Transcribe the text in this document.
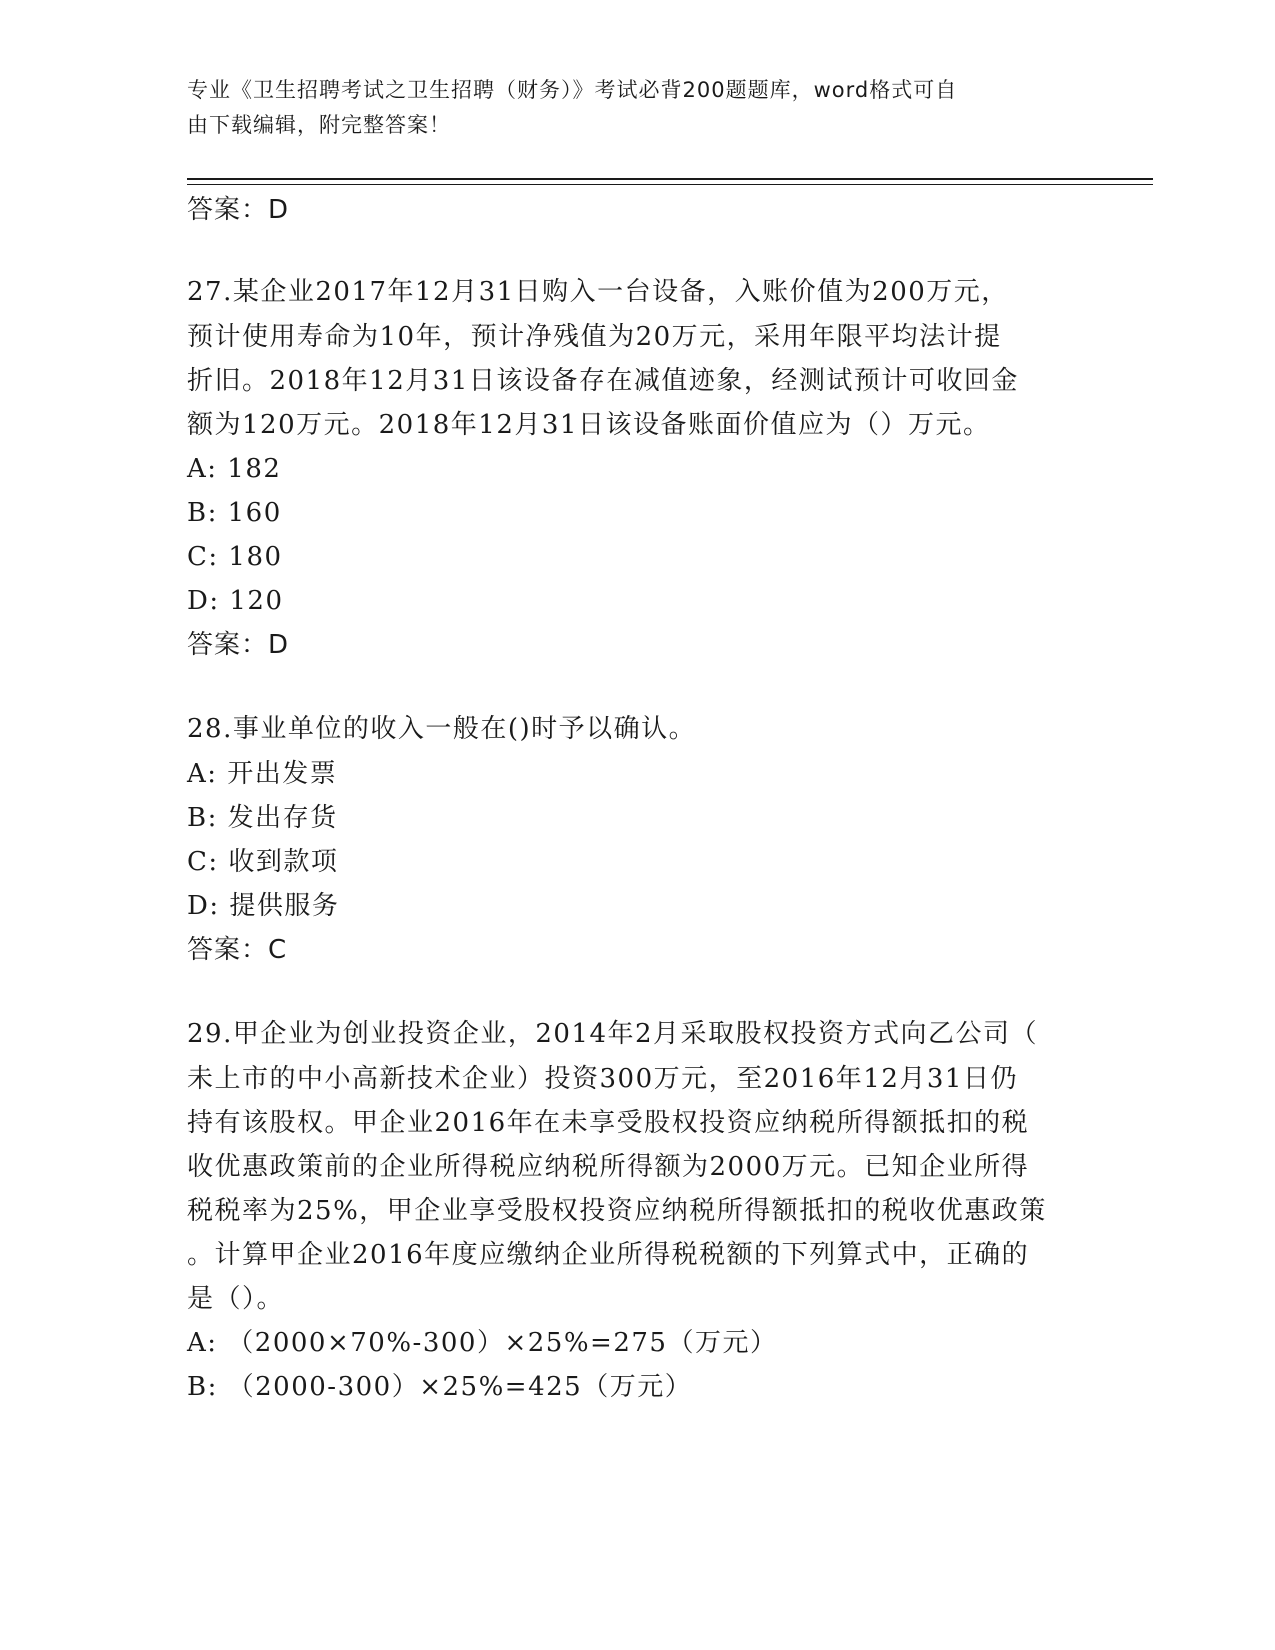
专业《卫生招聘考试之卫生招聘（财务）》考试必背200题题库，word格式可自
由下载编辑，附完整答案！
答案：D
27.某企业2017年12月31日购入一台设备，入账价值为200万元，
预计使用寿命为10年，预计净残值为20万元，采用年限平均法计提
折旧。2018年12月31日该设备存在减值迹象，经测试预计可收回金
额为120万元。2018年12月31日该设备账面价值应为（）万元。
A: 182
B: 160
C: 180
D: 120
答案：D
28.事业单位的收入一般在()时予以确认。
A: 开出发票
B: 发出存货
C: 收到款项
D: 提供服务
答案：C
29.甲企业为创业投资企业，2014年2月采取股权投资方式向乙公司（
未上市的中小高新技术企业）投资300万元，至2016年12月31日仍
持有该股权。甲企业2016年在未享受股权投资应纳税所得额抵扣的税
收优惠政策前的企业所得税应纳税所得额为2000万元。已知企业所得
税税率为25%，甲企业享受股权投资应纳税所得额抵扣的税收优惠政策
。计算甲企业2016年度应缴纳企业所得税税额的下列算式中，正确的
是（）。
A: （2000×70%-300）×25%=275（万元）
B: （2000-300）×25%=425（万元）
